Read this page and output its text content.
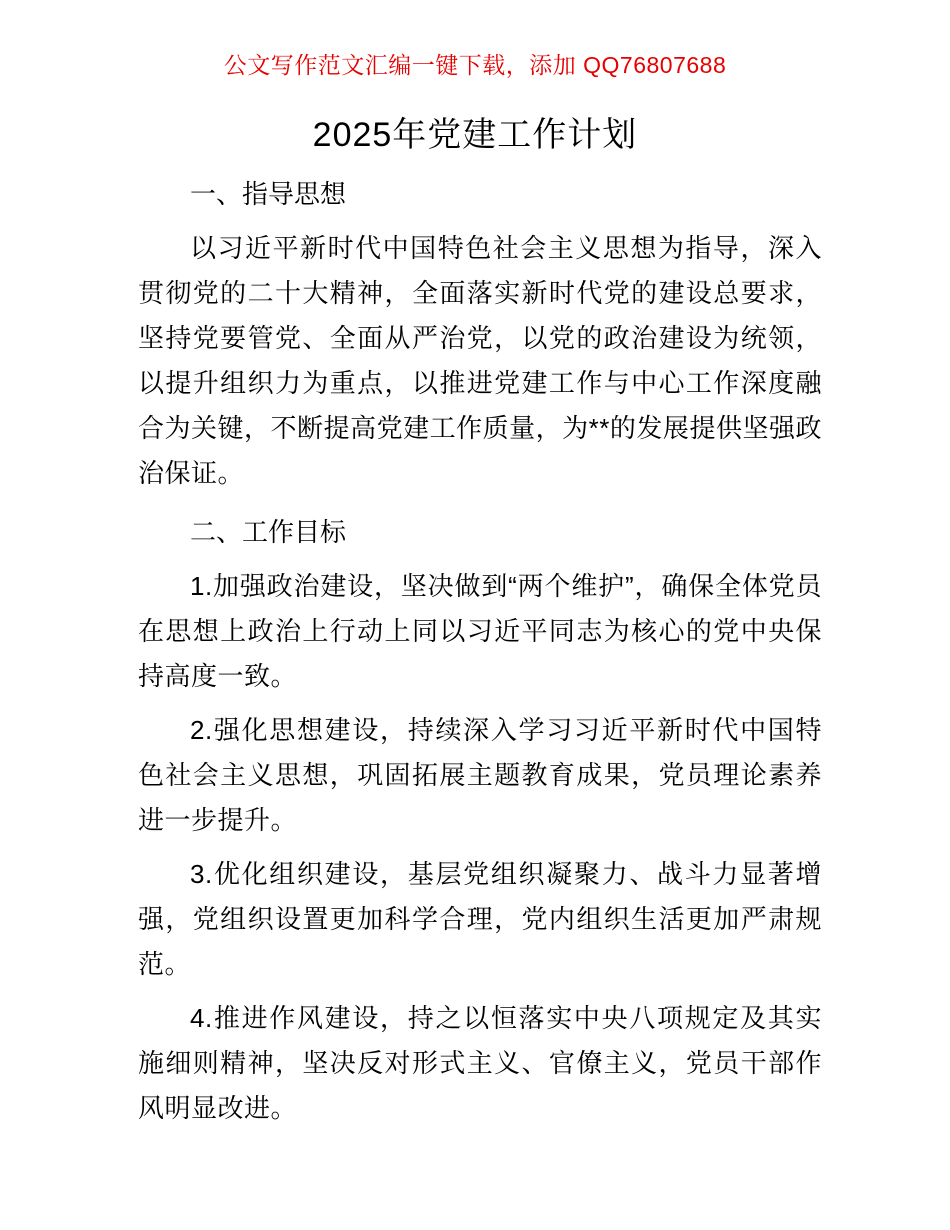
公文写作范文汇编一键下载，添加 QQ76807688
2025年党建工作计划
一、指导思想

以习近平新时代中国特色社会主义思想为指导，深入贯彻党的二十大精神，全面落实新时代党的建设总要求，坚持党要管党、全面从严治党，以党的政治建设为统领，以提升组织力为重点，以推进党建工作与中心工作深度融合为关键，不断提高党建工作质量，为**的发展提供坚强政治保证。

二、工作目标

1.加强政治建设，坚决做到“两个维护”，确保全体党员在思想上政治上行动上同以习近平同志为核心的党中央保持高度一致。

2.强化思想建设，持续深入学习习近平新时代中国特色社会主义思想，巩固拓展主题教育成果，党员理论素养进一步提升。

3.优化组织建设，基层党组织凝聚力、战斗力显著增强，党组织设置更加科学合理，党内组织生活更加严肃规范。

4.推进作风建设，持之以恒落实中央八项规定及其实施细则精神，坚决反对形式主义、官僚主义，党员干部作风明显改进。
